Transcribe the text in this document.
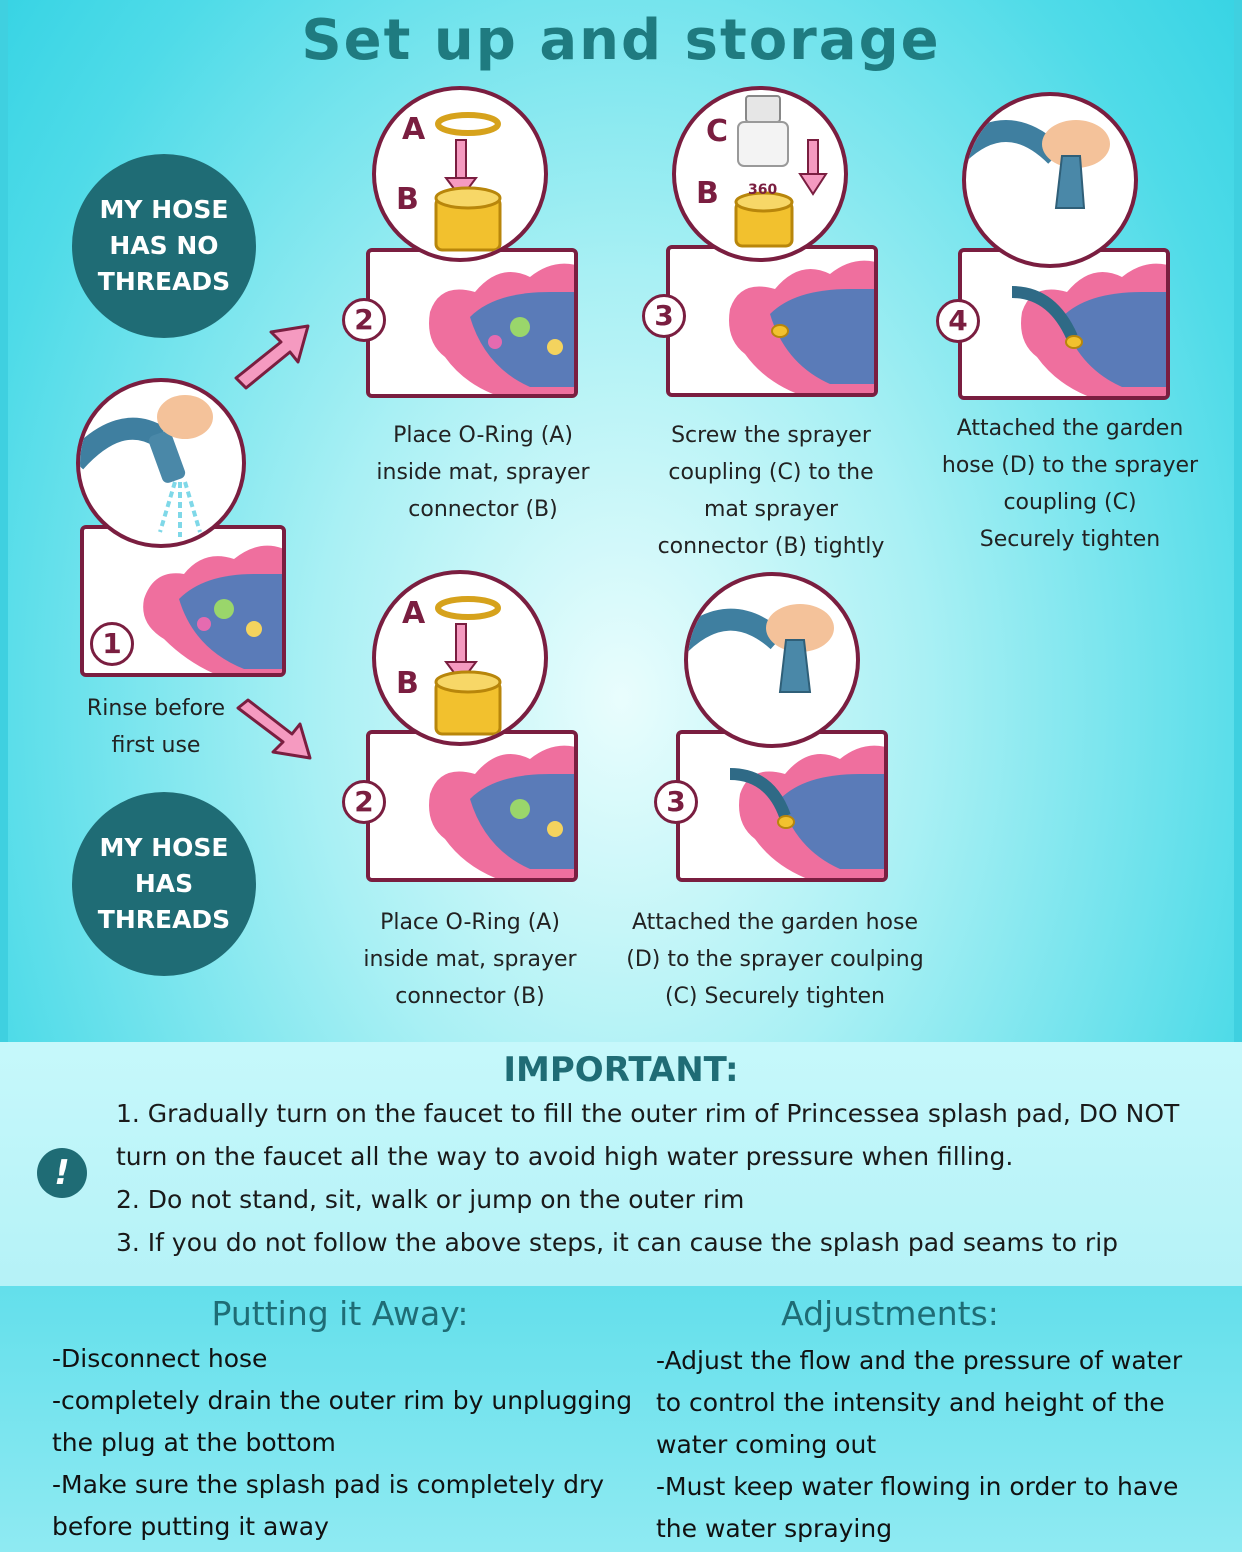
Set up and storage
MY HOSE
HAS NO
THREADS
MY HOSE
HAS
THREADS
1
Rinse before
first use
A
B
2
Place O-Ring (A)
inside mat, sprayer
connector (B)
C
B 360
3
Screw the sprayer
coupling (C) to the
mat sprayer
connector (B) tightly
4
Attached the garden
hose (D) to the sprayer
coupling (C)
Securely tighten
A
B
2
Place O-Ring (A)
inside mat, sprayer
connector (B)
3
Attached the garden hose
(D) to the sprayer coulping
(C) Securely tighten
IMPORTANT:
!
1. Gradually turn on the faucet to fill the outer rim of Princessea splash pad, DO NOT
turn on the faucet all the way to avoid high water pressure when filling.
2. Do not stand, sit, walk or jump on the outer rim
3. If you do not follow the above steps, it can cause the splash pad seams to rip
Putting it Away:
-Disconnect hose
-completely drain the outer rim by unplugging
the plug at the bottom
-Make sure the splash pad is completely dry
before putting it away
Adjustments:
-Adjust the flow and the pressure of water
to control the intensity and height of the
water coming out
-Must keep water flowing in order to have
the water spraying
